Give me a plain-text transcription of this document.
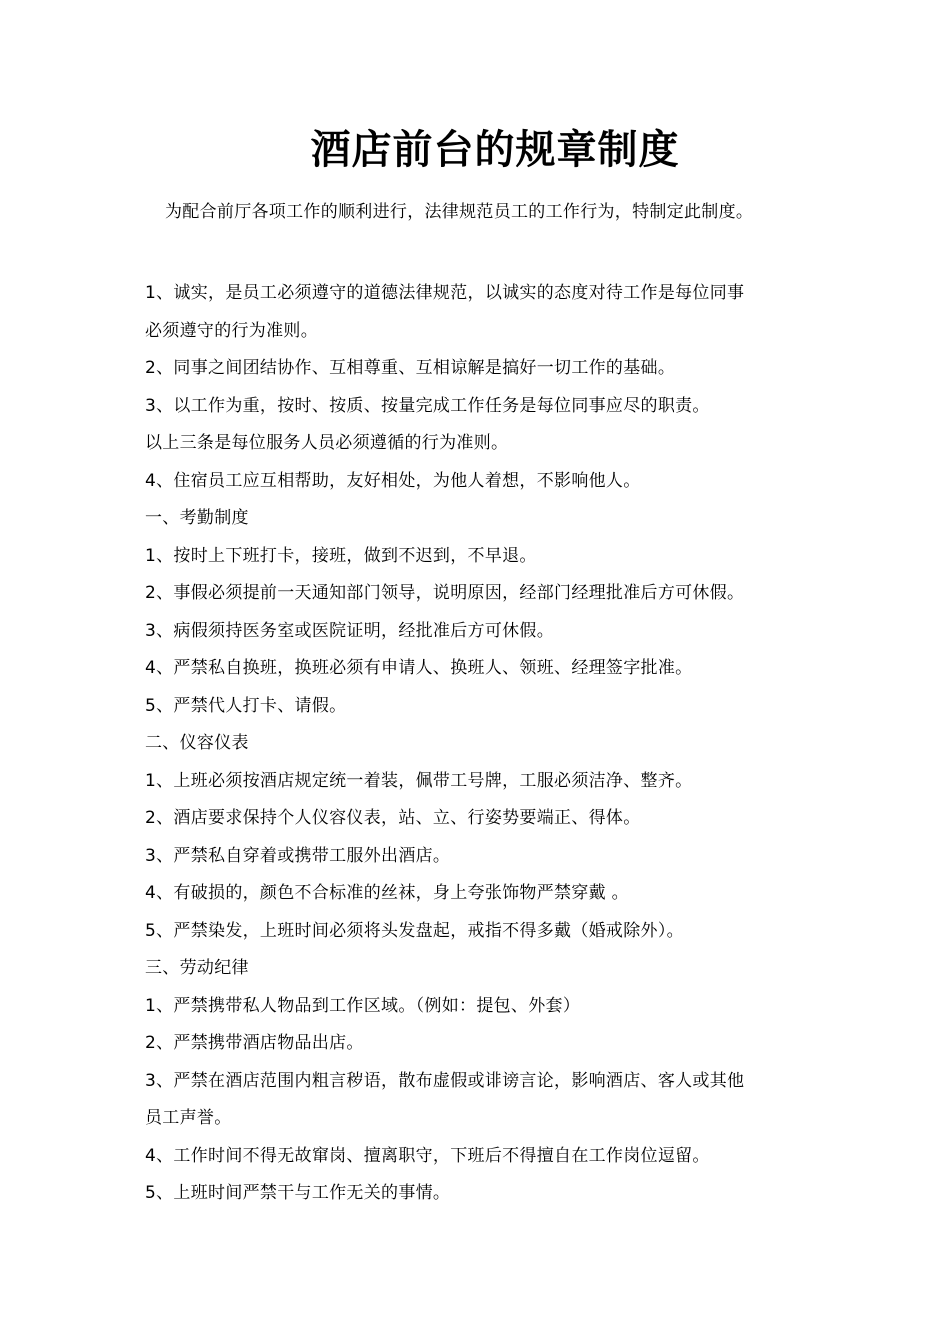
酒店前台的规章制度
为配合前厅各项工作的顺利进行，法律规范员工的工作行为，特制定此制度。
1、诚实，是员工必须遵守的道德法律规范，以诚实的态度对待工作是每位同事
必须遵守的行为准则。
2、同事之间团结协作、互相尊重、互相谅解是搞好一切工作的基础。
3、以工作为重，按时、按质、按量完成工作任务是每位同事应尽的职责。
以上三条是每位服务人员必须遵循的行为准则。
4、住宿员工应互相帮助，友好相处，为他人着想，不影响他人。
一、考勤制度
1、按时上下班打卡，接班，做到不迟到，不早退。
2、事假必须提前一天通知部门领导，说明原因，经部门经理批准后方可休假。
3、病假须持医务室或医院证明，经批准后方可休假。
4、严禁私自换班，换班必须有申请人、换班人、领班、经理签字批准。
5、严禁代人打卡、请假。
二、仪容仪表
1、上班必须按酒店规定统一着装，佩带工号牌，工服必须洁净、整齐。
2、酒店要求保持个人仪容仪表，站、立、行姿势要端正、得体。
3、严禁私自穿着或携带工服外出酒店。
4、有破损的，颜色不合标准的丝袜，身上夸张饰物严禁穿戴 。
5、严禁染发，上班时间必须将头发盘起，戒指不得多戴（婚戒除外）。
三、劳动纪律
1、严禁携带私人物品到工作区域。（例如：提包、外套）
2、严禁携带酒店物品出店。
3、严禁在酒店范围内粗言秽语，散布虚假或诽谤言论，影响酒店、客人或其他
员工声誉。
4、工作时间不得无故窜岗、擅离职守，下班后不得擅自在工作岗位逗留。
5、上班时间严禁干与工作无关的事情。
